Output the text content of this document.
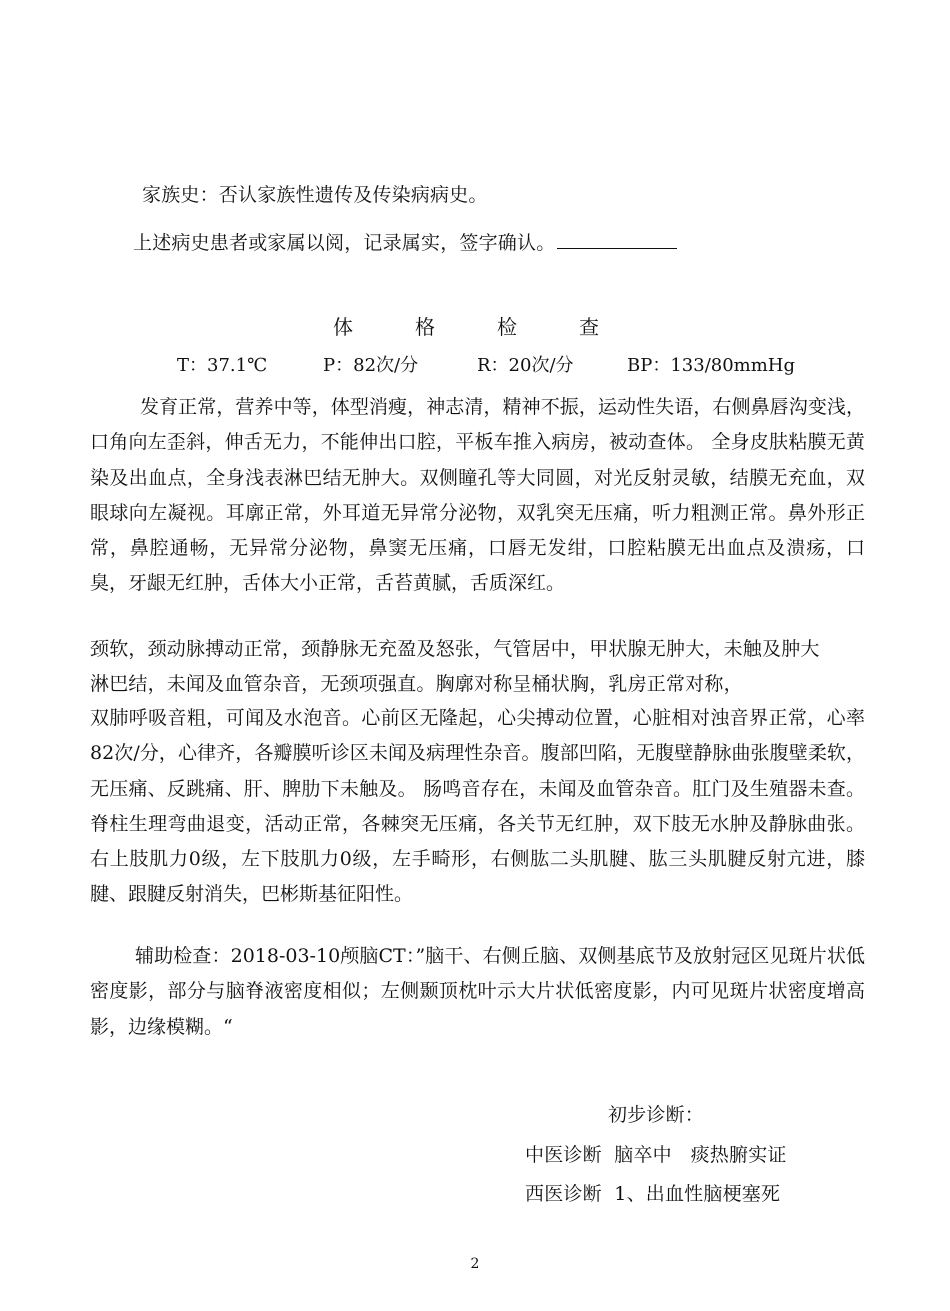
家族史：否认家族性遗传及传染病病史。
上述病史患者或家属以阅，记录属实，签字确认。
体	格	检	查
T：37.1℃	P：82次/分	R：20次/分	BP：133/80mmHg
发育正常，营养中等，体型消瘦，神志清，精神不振，运动性失语，右侧鼻唇沟变浅，口角向左歪斜，伸舌无力，不能伸出口腔，平板车推入病房，被动查体。 全身皮肤粘膜无黄染及出血点，全身浅表淋巴结无肿大。双侧瞳孔等大同圆，对光反射灵敏，结膜无充血，双眼球向左凝视。耳廓正常，外耳道无异常分泌物，双乳突无压痛，听力粗测正常。鼻外形正常，鼻腔通畅，无异常分泌物，鼻窦无压痛，口唇无发绀，口腔粘膜无出血点及溃疡，口臭，牙龈无红肿，舌体大小正常，舌苔黄腻，舌质深红。
颈软，颈动脉搏动正常，颈静脉无充盈及怒张，气管居中，甲状腺无肿大，未触及肿大
淋巴结，未闻及血管杂音，无颈项强直。胸廓对称呈桶状胸，乳房正常对称，
双肺呼吸音粗，可闻及水泡音。心前区无隆起，心尖搏动位置，心脏相对浊音界正常，心率82次/分，心律齐，各瓣膜听诊区未闻及病理性杂音。腹部凹陷，无腹壁静脉曲张腹壁柔软，无压痛、反跳痛、肝、脾肋下未触及。 肠鸣音存在，未闻及血管杂音。肛门及生殖器未查。脊柱生理弯曲退变，活动正常，各棘突无压痛，各关节无红肿，双下肢无水肿及静脉曲张。右上肢肌力0级，左下肢肌力0级，左手畸形，右侧肱二头肌腱、肱三头肌腱反射亢进，膝腱、跟腱反射消失，巴彬斯基征阳性。
辅助检查：2018-03-10颅脑CT：”脑干、右侧丘脑、双侧基底节及放射冠区见斑片状低密度影，部分与脑脊液密度相似；左侧颞顶枕叶示大片状低密度影，内可见斑片状密度增高影，边缘模糊。“
初步诊断：
中医诊断  脑卒中   痰热腑实证
西医诊断  1、出血性脑梗塞死
2
